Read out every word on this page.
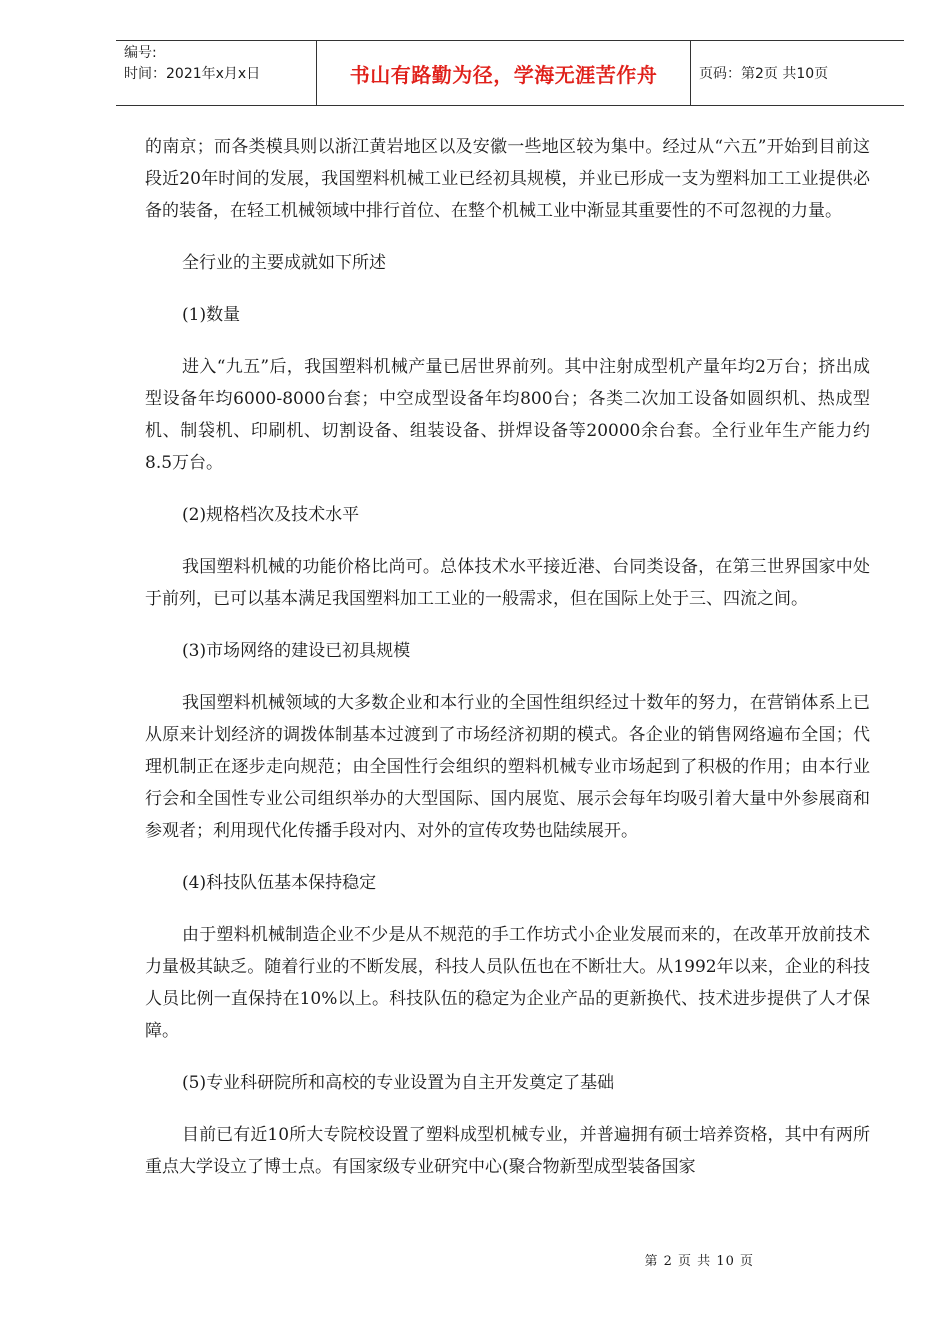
编号:
时间：2021年x月x日	书山有路勤为径，学海无涯苦作舟	页码：第2页 共10页

的南京；而各类模具则以浙江黄岩地区以及安徽一些地区较为集中。经过从“六五”开始到目前这段近20年时间的发展，我国塑料机械工业已经初具规模，并业已形成一支为塑料加工工业提供必备的装备，在轻工机械领域中排行首位、在整个机械工业中渐显其重要性的不可忽视的力量。

全行业的主要成就如下所述

(1)数量

进入“九五”后，我国塑料机械产量已居世界前列。其中注射成型机产量年均2万台；挤出成型设备年均6000-8000台套；中空成型设备年均800台；各类二次加工设备如圆织机、热成型机、制袋机、印刷机、切割设备、组装设备、拼焊设备等20000余台套。全行业年生产能力约8.5万台。

(2)规格档次及技术水平

我国塑料机械的功能价格比尚可。总体技术水平接近港、台同类设备，在第三世界国家中处于前列，已可以基本满足我国塑料加工工业的一般需求，但在国际上处于三、四流之间。

(3)市场网络的建设已初具规模

我国塑料机械领域的大多数企业和本行业的全国性组织经过十数年的努力，在营销体系上已从原来计划经济的调拨体制基本过渡到了市场经济初期的模式。各企业的销售网络遍布全国；代理机制正在逐步走向规范；由全国性行会组织的塑料机械专业市场起到了积极的作用；由本行业行会和全国性专业公司组织举办的大型国际、国内展览、展示会每年均吸引着大量中外参展商和参观者；利用现代化传播手段对内、对外的宣传攻势也陆续展开。

(4)科技队伍基本保持稳定

由于塑料机械制造企业不少是从不规范的手工作坊式小企业发展而来的，在改革开放前技术力量极其缺乏。随着行业的不断发展，科技人员队伍也在不断壮大。从1992年以来，企业的科技人员比例一直保持在10%以上。科技队伍的稳定为企业产品的更新换代、技术进步提供了人才保障。

(5)专业科研院所和高校的专业设置为自主开发奠定了基础

目前已有近10所大专院校设置了塑料成型机械专业，并普遍拥有硕士培养资格，其中有两所重点大学设立了博士点。有国家级专业研究中心(聚合物新型成型装备国家

第 2 页 共 10 页
